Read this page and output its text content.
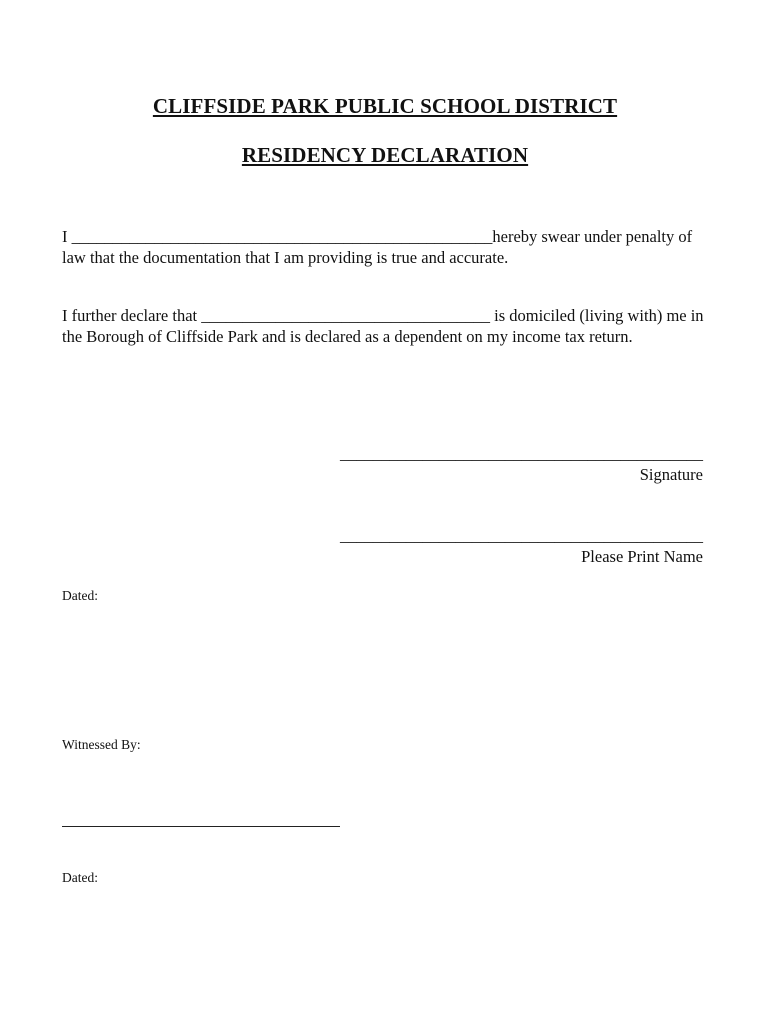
CLIFFSIDE PARK PUBLIC SCHOOL DISTRICT
RESIDENCY DECLARATION
I ___________________________________________________hereby swear under penalty of law that the documentation that I am providing is true and accurate.
I further declare that ___________________________________ is domiciled (living with) me in the Borough of Cliffside Park and is declared as a dependent on my income tax return.
____________________________________________
Signature
____________________________________________
Please Print Name
Dated:
Witnessed By:
Dated:
